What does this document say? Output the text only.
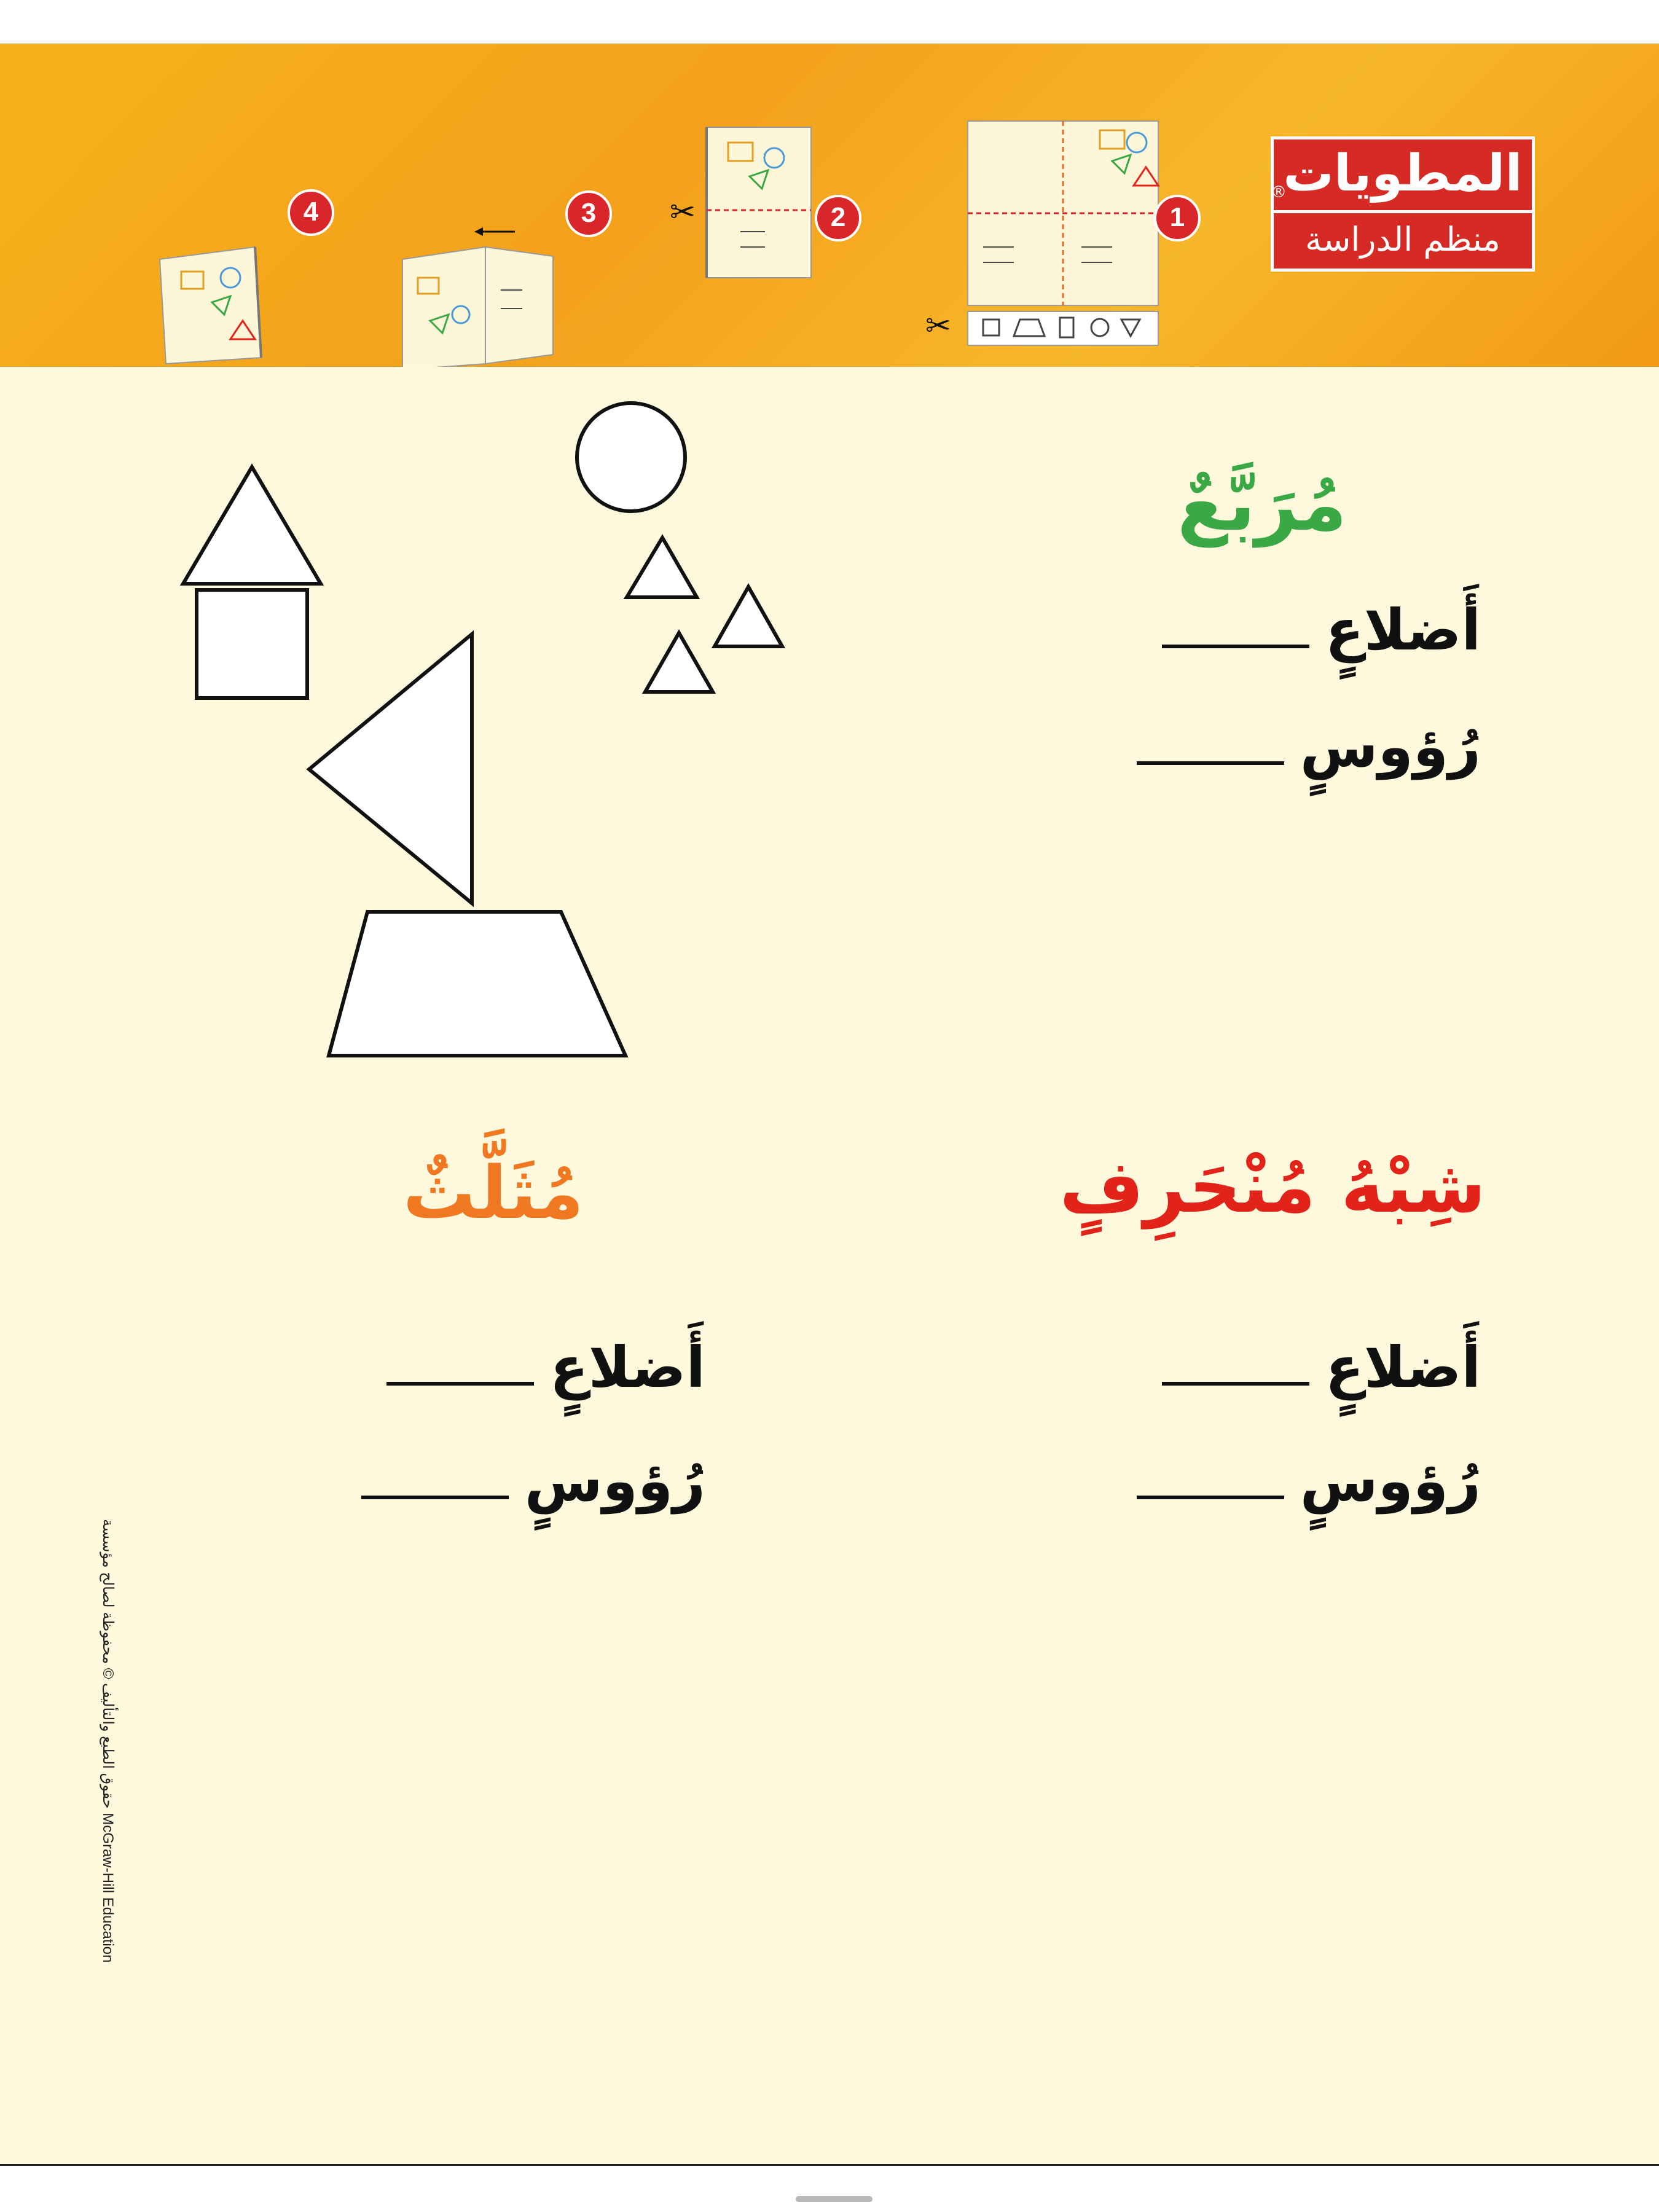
المطويات
منظم الدراسة
®
✂
1
✂	2
3
4
مُرَبَّعٌ
أَضلاعٍ
رُؤوسٍ
شِبْهُ مُنْحَرِفٍ
أَضلاعٍ
رُؤوسٍ
مُثَلَّثٌ
أَضلاعٍ
رُؤوسٍ
حقوق الطبع والتأليف © محفوظة لصالح مؤسسة McGraw-Hill Education
